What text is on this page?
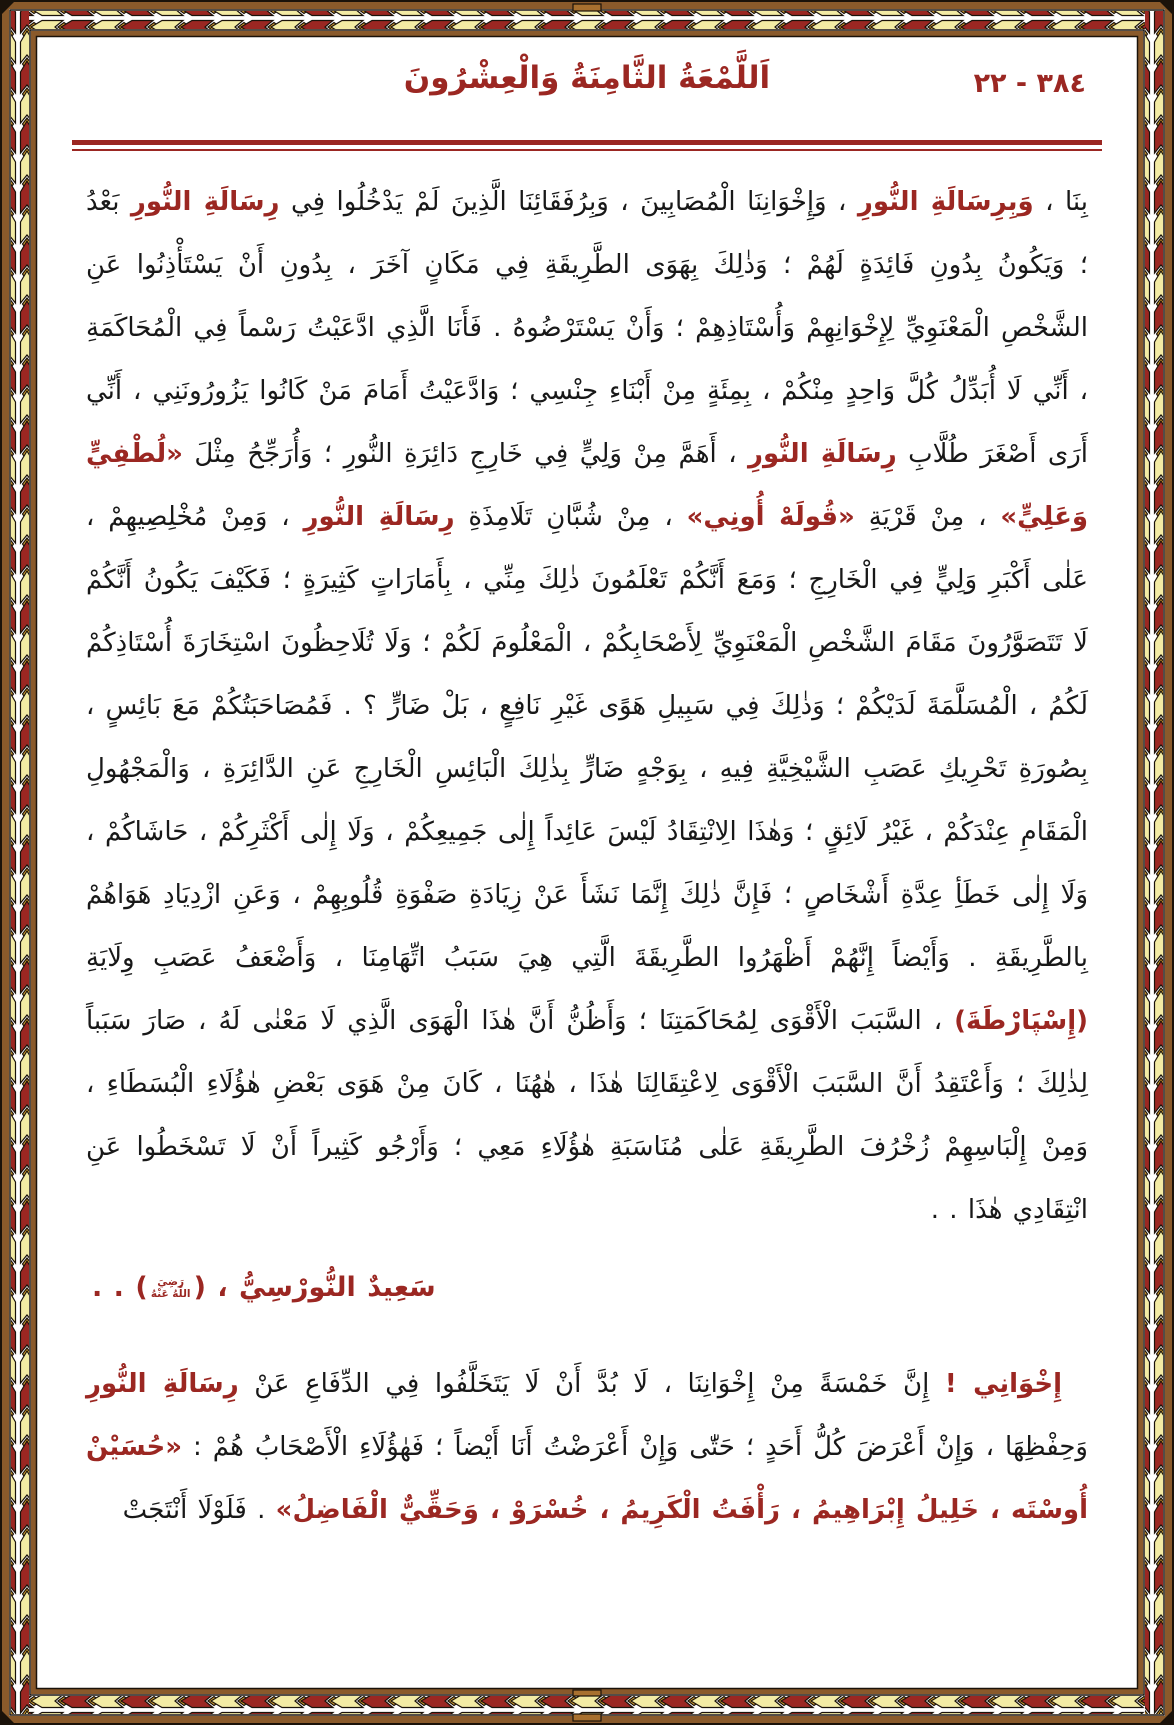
٣٨٤ - ٢٢
اَللَّمْعَةُ الثَّامِنَةُ وَالْعِشْرُونَ

بِنَا ، وَبِرِسَالَةِ النُّورِ ، وَإِخْوَانِنَا الْمُصَابِينَ ، وَبِرُفَقَائِنَا الَّذِينَ لَمْ يَدْخُلُوا فِي رِسَالَةِ النُّورِ بَعْدُ ؛ وَيَكُونُ بِدُونِ فَائِدَةٍ لَهُمْ ؛ وَذٰلِكَ بِهَوَى الطَّرِيقَةِ فِي مَكَانٍ آخَرَ ، بِدُونِ أَنْ يَسْتَأْذِنُوا عَنِ الشَّخْصِ الْمَعْنَوِيِّ لِإِخْوَانِهِمْ وَأُسْتَاذِهِمْ ؛ وَأَنْ يَسْتَرْضُوهُ . فَأَنَا الَّذِي ادَّعَيْتُ رَسْماً فِي الْمُحَاكَمَةِ ، أَنِّي لَا أُبَدِّلُ كُلَّ وَاحِدٍ مِنْكُمْ ، بِمِئَةٍ مِنْ أَبْنَاءِ جِنْسِي ؛ وَادَّعَيْتُ أَمَامَ مَنْ كَانُوا يَزُورُونَنِي ، أَنِّي أَرَى أَصْغَرَ طُلَّابِ رِسَالَةِ النُّورِ ، أَهَمَّ مِنْ وَلِيٍّ فِي خَارِجِ دَائِرَةِ النُّورِ ؛ وَأُرَجِّحُ مِثْلَ «لُطْفِيٍّ وَعَلِيٍّ» ، مِنْ قَرْيَةِ «قُولَهْ أُونِي» ، مِنْ شُبَّانِ تَلَامِذَةِ رِسَالَةِ النُّورِ ، وَمِنْ مُخْلِصِيهِمْ ، عَلٰى أَكْبَرِ وَلِيٍّ فِي الْخَارِجِ ؛ وَمَعَ أَنَّكُمْ تَعْلَمُونَ ذٰلِكَ مِنِّي ، بِأَمَارَاتٍ كَثِيرَةٍ ؛ فَكَيْفَ يَكُونُ أَنَّكُمْ لَا تَتَصَوَّرُونَ مَقَامَ الشَّخْصِ الْمَعْنَوِيِّ لِأَصْحَابِكُمْ ، الْمَعْلُومَ لَكُمْ ؛ وَلَا تُلَاحِظُونَ اسْتِخَارَةَ أُسْتَاذِكُمْ لَكُمُ ، الْمُسَلَّمَةَ لَدَيْكُمْ ؛ وَذٰلِكَ فِي سَبِيلِ هَوًى غَيْرِ نَافِعٍ ، بَلْ ضَارٍّ ؟ . فَمُصَاحَبَتُكُمْ مَعَ بَائِسٍ ، بِصُورَةِ تَحْرِيكِ عَصَبِ الشَّيْخِيَّةِ فِيهِ ، بِوَجْهٍ ضَارٍّ بِذٰلِكَ الْبَائِسِ الْخَارِجِ عَنِ الدَّائِرَةِ ، وَالْمَجْهُولِ الْمَقَامِ عِنْدَكُمْ ، غَيْرُ لَائِقٍ ؛ وَهٰذَا الِانْتِقَادُ لَيْسَ عَائِداً إِلٰى جَمِيعِكُمْ ، وَلَا إِلٰى أَكْثَرِكُمْ ، حَاشَاكُمْ ، وَلَا إِلٰى خَطَأِ عِدَّةِ أَشْخَاصٍ ؛ فَإِنَّ ذٰلِكَ إِنَّمَا نَشَأَ عَنْ زِيَادَةِ صَفْوَةِ قُلُوبِهِمْ ، وَعَنِ ازْدِيَادِ هَوَاهُمْ بِالطَّرِيقَةِ . وَأَيْضاً إِنَّهُمْ أَظْهَرُوا الطَّرِيقَةَ الَّتِي هِيَ سَبَبُ اتِّهَامِنَا ، وَأَضْعَفُ عَصَبِ وِلَايَةِ (إِسْپَارْطَةَ) ، السَّبَبَ الْأَقْوَى لِمُحَاكَمَتِنَا ؛ وَأَظُنُّ أَنَّ هٰذَا الْهَوَى الَّذِي لَا مَعْنٰى لَهُ ، صَارَ سَبَباً لِذٰلِكَ ؛ وَأَعْتَقِدُ أَنَّ السَّبَبَ الْأَقْوَى لِاعْتِقَالِنَا هٰذَا ، هٰهُنَا ، كَانَ مِنْ هَوَى بَعْضِ هٰؤُلَاءِ الْبُسَطَاءِ ، وَمِنْ إِلْبَاسِهِمْ زُخْرُفَ الطَّرِيقَةِ عَلٰى مُنَاسَبَةِ هٰؤُلَاءِ مَعِي ؛ وَأَرْجُو كَثِيراً أَنْ لَا تَسْخَطُوا عَنِ انْتِقَادِي هٰذَا . .

سَعِيدٌ النُّورْسِيُّ ، (رَضِيَ اللّٰهُ عَنْهُ) . .

إِخْوَانِي ! إِنَّ خَمْسَةً مِنْ إِخْوَانِنَا ، لَا بُدَّ أَنْ لَا يَتَخَلَّفُوا فِي الدِّفَاعِ عَنْ رِسَالَةِ النُّورِ وَحِفْظِهَا ، وَإِنْ أَعْرَضَ كُلُّ أَحَدٍ ؛ حَتّٰى وَإِنْ أَعْرَضْتُ أَنَا أَيْضاً ؛ فَهٰؤُلَاءِ الْأَصْحَابُ هُمْ : «حُسَيْنْ أُوسْتَه ، خَلِيلُ إِبْرَاهِيمُ ، رَأْفَتُ الْكَرِيمُ ، خُسْرَوْ ، وَحَقِّيٌّ الْفَاضِلُ» . فَلَوْلَا أَنْتَجَتْ
